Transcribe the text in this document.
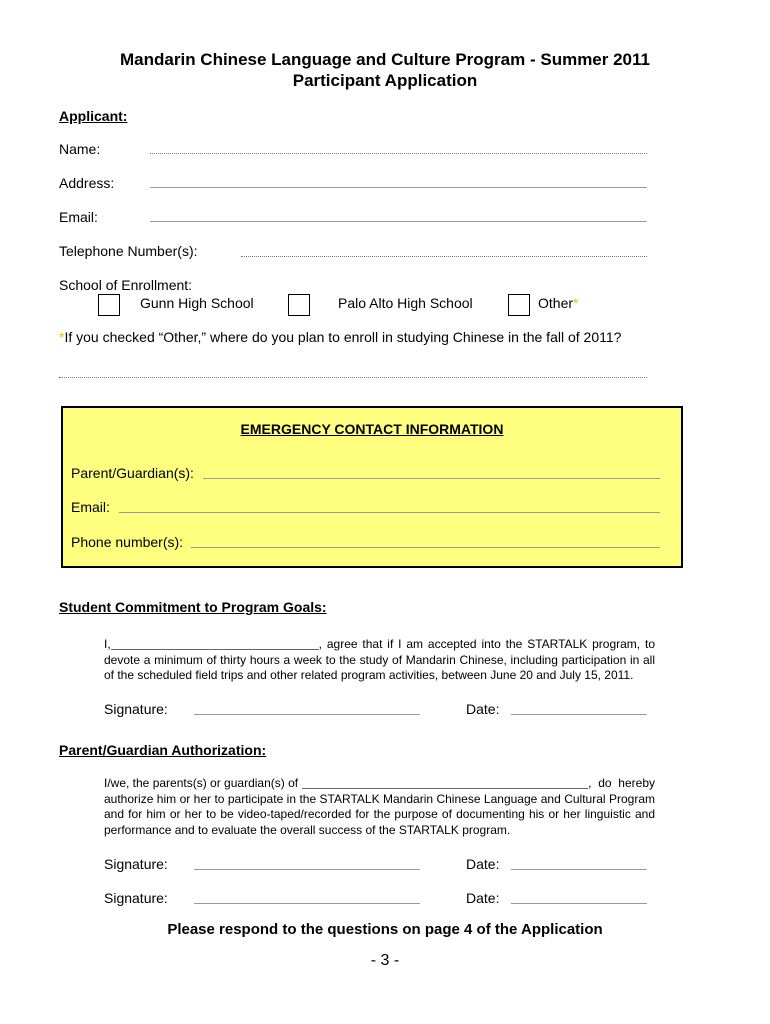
Mandarin Chinese Language and Culture Program - Summer 2011
Participant Application
Applicant:
Name:
Address:
Email:
Telephone Number(s):
School of Enrollment:
Gunn High School	Palo Alto High School	Other*
*If you checked “Other,” where do you plan to enroll in studying Chinese in the fall of 2011?
EMERGENCY CONTACT INFORMATION
Parent/Guardian(s):
Email:
Phone number(s):
Student Commitment to Program Goals:
I,	, agree that if I am accepted into the STARTALK program, to
devote a minimum of thirty hours a week to the study of Mandarin Chinese, including participation in all
of the scheduled field trips and other related program activities, between June 20 and July 15, 2011.
Signature:	Date:
Parent/Guardian Authorization:
I/we, the parents(s) or guardian(s) of	, do hereby
authorize him or her to participate in the STARTALK Mandarin Chinese Language and Cultural Program
and for him or her to be video-taped/recorded for the purpose of documenting his or her linguistic and
performance and to evaluate the overall success of the STARTALK program.
Signature:	Date:
Signature:	Date:
Please respond to the questions on page 4 of the Application
- 3 -
